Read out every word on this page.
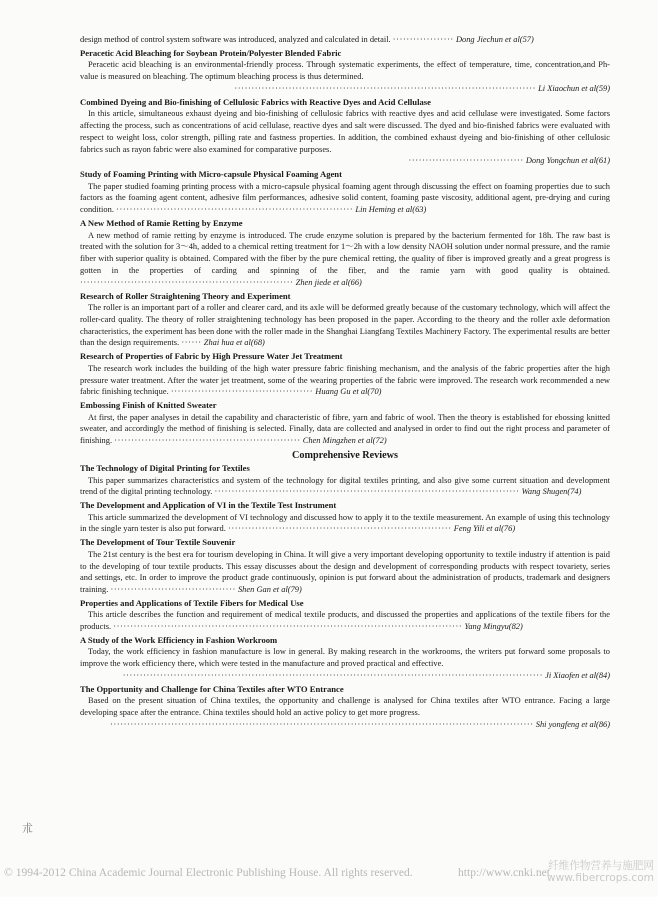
design method of control system software was introduced, analyzed and calculated in detail. ·················· Dong Jiechun et al(57)

Peracetic Acid Bleaching for Soybean Protein/Polyester Blended Fabric

Peracetic acid bleaching is an environmental-friendly process. Through systematic experiments, the effect of temperature, time, concentration,and Ph-value is measured on bleaching. The optimum bleaching process is thus determined.

························································································· Li Xiaochun et al(59)

Combined Dyeing and Bio-finishing of Cellulosic Fabrics with Reactive Dyes and Acid Cellulase

In this article, simultaneous exhaust dyeing and bio-finishing of cellulosic fabrics with reactive dyes and acid cellulase were investigated. Some factors affecting the process, such as concentrations of acid cellulase, reactive dyes and salt were discussed. The dyed and bio-finished fabrics were evaluated with respect to weight loss, color strength, pilling rate and fastness properties. In addition, the combined exhaust dyeing and bio-finishing of other cellulosic fabrics such as rayon fabric were also examined for comparative purposes.

·································· Dong Yongchun et al(61)

Study of Foaming Printing with Micro-capsule Physical Foaming Agent

The paper studied foaming printing process with a micro-capsule physical foaming agent through discussing the effect on foaming properties due to such factors as the foaming agent content, adhesive film performances, adhesive solid content, foaming paste viscosity, additional agent, pre-drying and curing condition. ······································································ Lin Heming et al(63)

A New Method of Ramie Retting by Enzyme

A new method of ramie retting by enzyme is introduced. The crude enzyme solution is prepared by the bacterium fermented for 18h. The raw bast is treated with the solution for 3～4h, added to a chemical retting treatment for 1～2h with a low density NAOH solution under normal pressure, and the ramie fiber with superior quality is obtained. Compared with the fiber by the pure chemical retting, the quality of fiber is improved greatly and a great progress is gotten in the properties of carding and spinning of the fiber, and the ramie yarn with good quality is obtained. ······························································· Zhen jiede et al(66)

Research of Roller Straightening Theory and Experiment

The roller is an important part of a roller and clearer card, and its axle will be deformed greatly because of the customary technology, which will affect the roller-card quality. The theory of roller straightening technology has been proposed in the paper. According to the theory and the roller axle deformation characteristics, the experiment has been done with the roller made in the Shanghai Liangfang Textiles Machinery Factory. The experimental results are better than the design requirements. ······ Zhai hua et al(68)

Research of Properties of Fabric by High Pressure Water Jet Treatment

The research work includes the building of the high water pressure fabric finishing mechanism, and the analysis of the fabric properties after the high pressure water treatment. After the water jet treatment, some of the wearing properties of the fabric were improved. The research work recommended a new fabric finishing technique. ·········································· Huang Gu et al(70)

Embossing Finish of Knitted Sweater

At first, the paper analyses in detail the capability and characteristic of fibre, yarn and fabric of wool. Then the theory is established for ebossing knitted sweater, and accordingly the method of finishing is selected. Finally, data are collected and analysed in order to find out the right process and parameter of finishing. ······················································· Chen Mingzhen et al(72)

Comprehensive Reviews

The Technology of Digital Printing for Textiles

This paper summarizes characteristics and system of the technology for digital textiles printing, and also give some current situation and development trend of the digital printing technology. ·························································································· Wang Shugen(74)

The Development and Application of VI in the Textile Test Instrument

This article summarized the development of VI technology and discussed how to apply it to the textile measurement. An example of using this technology in the single yarn tester is also put forward. ·································································· Feng Yili et al(76)

The Development of Tour Textile Souvenir

The 21st century is the best era for tourism developing in China. It will give a very important developing opportunity to textile industry if attention is paid to the developing of tour textile products. This essay discusses about the design and development of corresponding products with respect tovariety, series and settings, etc. In order to improve the product grade continuously, opinion is put forward about the administration of products, trademark and designers training. ····································· Shen Gan et al(79)

Properties and Applications of Textile Fibers for Medical Use

This article describes the function and requirement of medical textile products, and discussed the properties and applications of the textile fibers for the products. ······································································································· Yang Mingyu(82)

A Study of the Work Efficiency in Fashion Workroom

Today, the work efficiency in fashion manufacture is low in general. By making research in the workrooms, the writers put forward some proposals to improve the work efficiency there, which were tested in the manufacture and proved practical and effective.

···························································································································· Ji Xiaofen et al(84)

The Opportunity and Challenge for China Textiles after WTO Entrance

Based on the present situation of China textiles, the opportunity and challenge is analysed for China textiles after WTO entrance. Facing a large developing space after the entrance. China textiles should hold an active policy to get more progress.

····························································································································· Shi yongfeng et al(86)

© 1994-2012 China Academic Journal Electronic Publishing House. All rights reserved.	http://www.cnki.net
纤维作物营养与施肥网
www.fibercrops.com
朮
